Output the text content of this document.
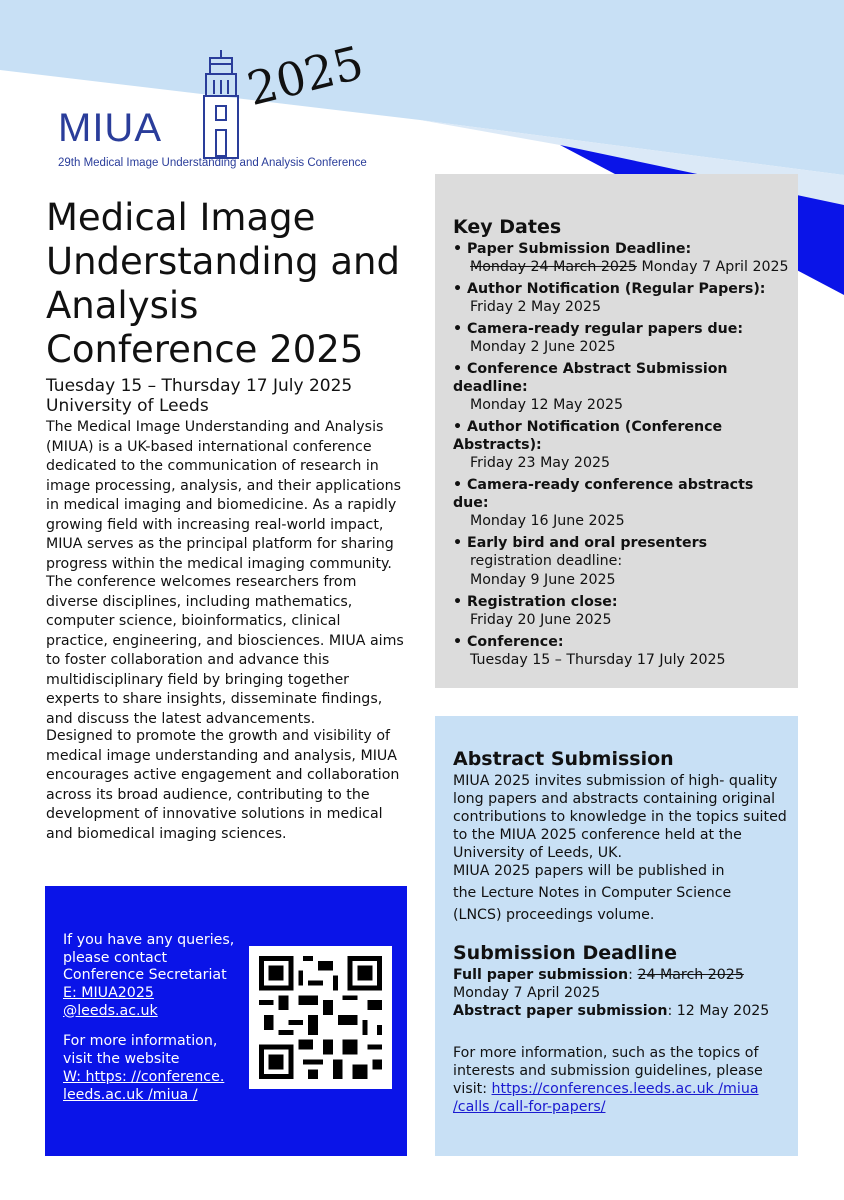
MIUA
2025
29th Medical Image Understanding and Analysis Conference
Medical Image Understanding and Analysis Conference 2025

Tuesday 15 – Thursday 17 July 2025

University of Leeds

The Medical Image Understanding and Analysis (MIUA) is a UK-based international conference dedicated to the communication of research in image processing, analysis, and their applications in medical imaging and biomedicine. As a rapidly growing field with increasing real-world impact, MIUA serves as the principal platform for sharing progress within the medical imaging community.

The conference welcomes researchers from diverse disciplines, including mathematics, computer science, bioinformatics, clinical practice, engineering, and biosciences. MIUA aims to foster collaboration and advance this multidisciplinary field by bringing together experts to share insights, disseminate findings, and discuss the latest advancements.

Designed to promote the growth and visibility of medical image understanding and analysis, MIUA encourages active engagement and collaboration across its broad audience, contributing to the development of innovative solutions in medical and biomedical imaging sciences.

Key Dates
• Paper Submission Deadline:
Monday 24 March 2025 Monday 7 April 2025
• Author Notification (Regular Papers):
Friday 2 May 2025
• Camera-ready regular papers due:
Monday 2 June 2025
• Conference Abstract Submission deadline:
Monday 12 May 2025
• Author Notification (Conference Abstracts):
Friday 23 May 2025
• Camera-ready conference abstracts due:
Monday 16 June 2025
• Early bird and oral presenters
registration deadline:
Monday 9 June 2025
• Registration close:
Friday 20 June 2025
• Conference:
Tuesday 15 – Thursday 17 July 2025
Abstract Submission

MIUA 2025 invites submission of high- quality long papers and abstracts containing original contributions to knowledge in the topics suited to the MIUA 2025 conference held at the University of Leeds, UK.

MIUA 2025 papers will be published in

the Lecture Notes in Computer Science

(LNCS) proceedings volume.

Submission Deadline

Full paper submission: 24 March 2025

Monday 7 April 2025

Abstract paper submission: 12 May 2025

For more information, such as the topics of interests and submission guidelines, please visit: https://conferences.leeds.ac.uk /miua /calls /call-for-papers/

If you have any queries, please contact Conference Secretariat

E: MIUA2025 @leeds.ac.uk

For more information, visit the website

W: https: //conference. leeds.ac.uk /miua /
